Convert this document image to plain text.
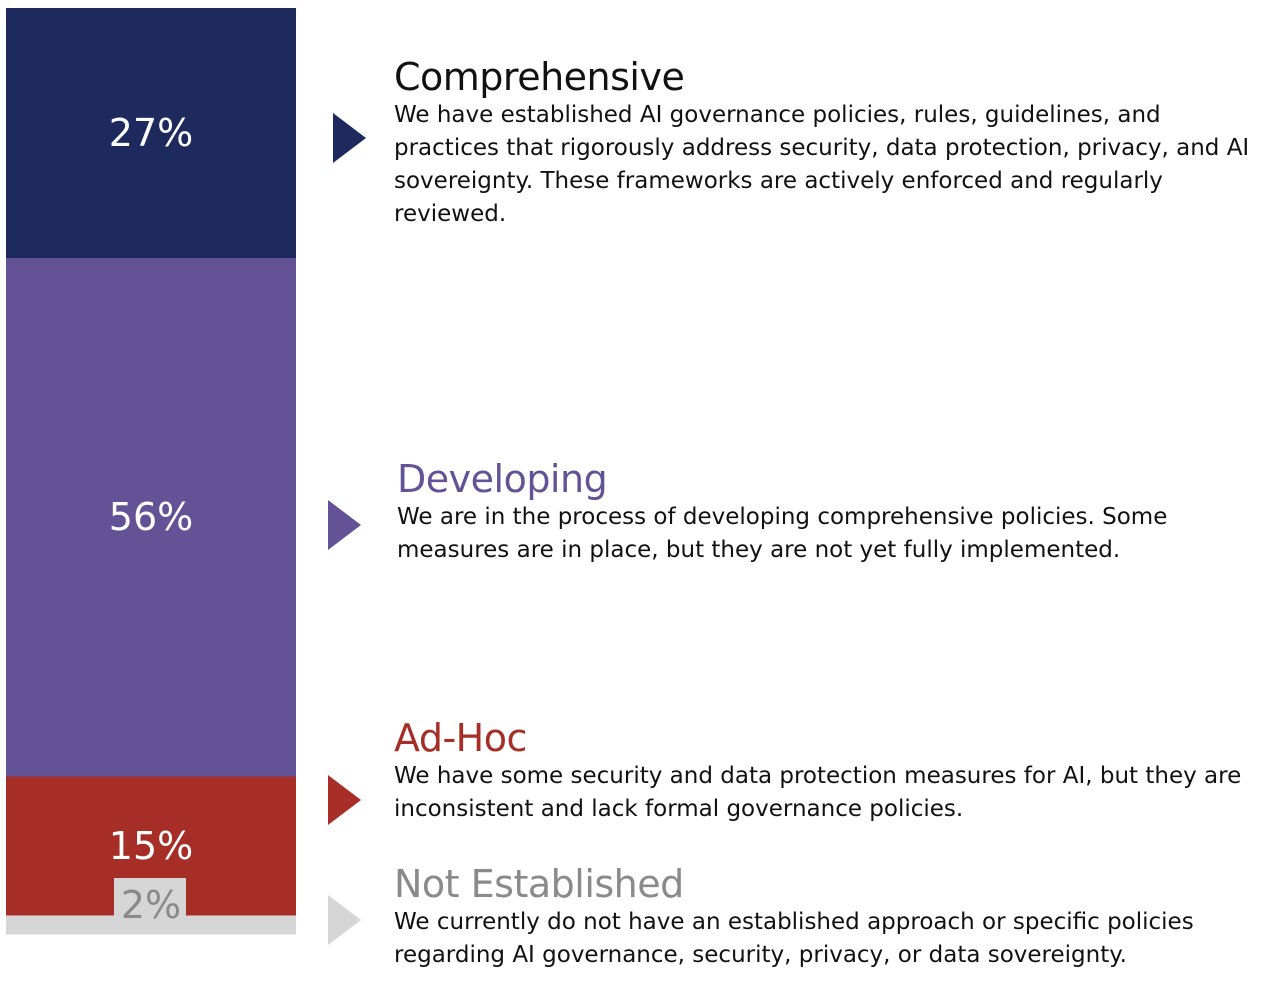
27%
56%
15%
2%
Comprehensive
We have established AI governance policies, rules, guidelines, and practices that rigorously address security, data protection, privacy, and AI sovereignty. These frameworks are actively enforced and regularly reviewed.
Developing
We are in the process of developing comprehensive policies. Some measures are in place, but they are not yet fully implemented.
Ad-Hoc
We have some security and data protection measures for AI, but they are inconsistent and lack formal governance policies.
Not Established
We currently do not have an established approach or specific policies regarding AI governance, security, privacy, or data sovereignty.
